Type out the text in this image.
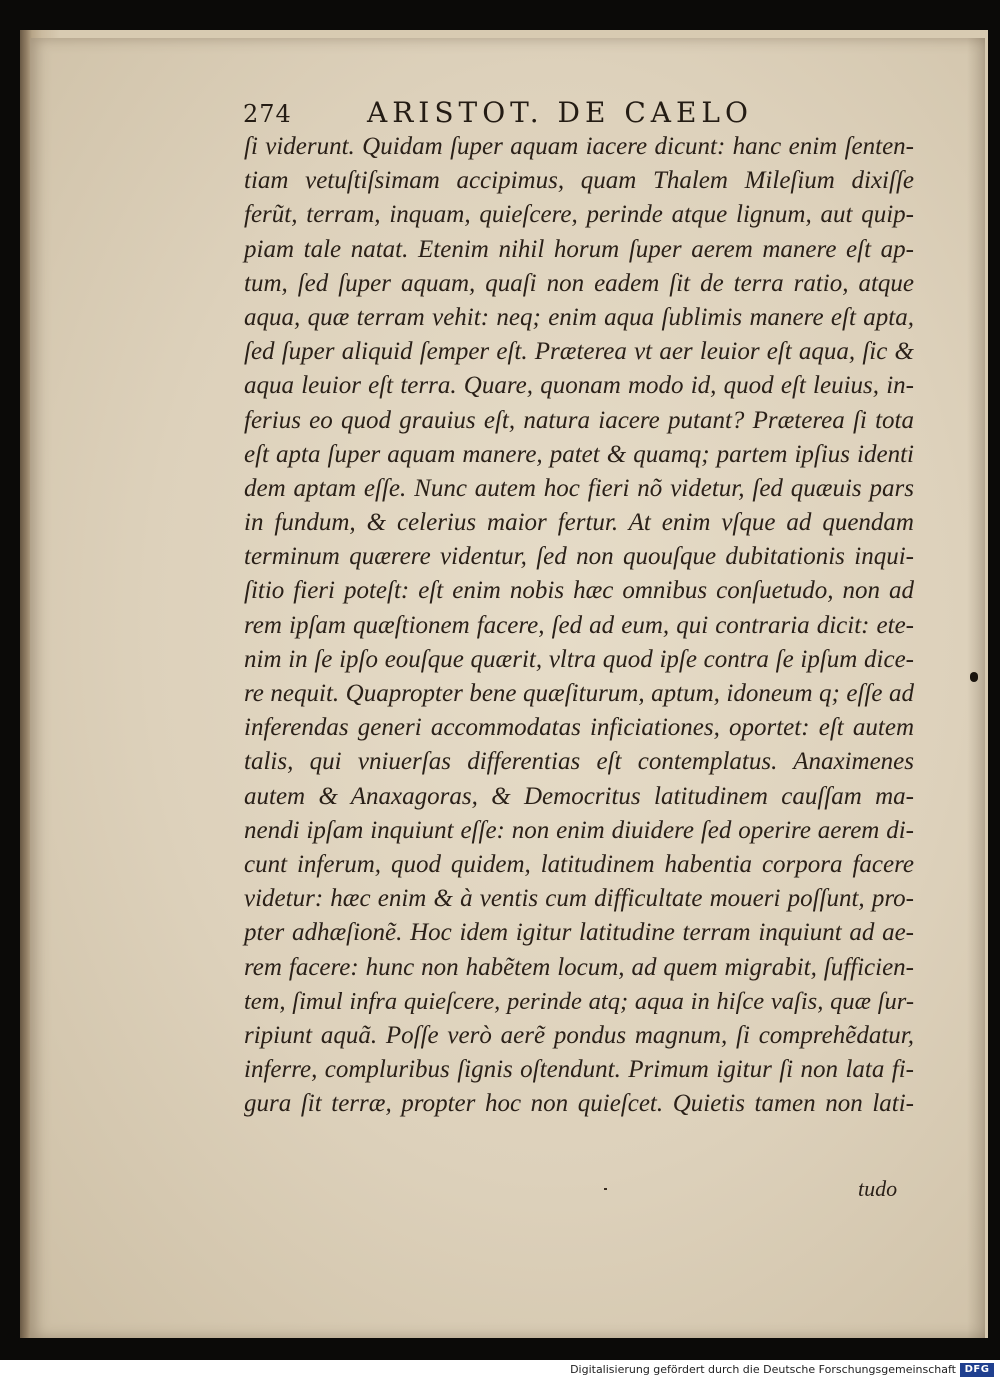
274	ARISTOT. DE CAELO
ſi viderunt. Quidam ſuper aquam iacere dicunt: hanc enim ſenten-
tiam vetuſtiſsimam accipimus, quam Thalem Mileſium dixiſſe
ferũt, terram, inquam, quieſcere, perinde atque lignum, aut quip-
piam tale natat. Etenim nihil horum ſuper aerem manere eſt ap-
tum, ſed ſuper aquam, quaſi non eadem ſit de terra ratio, atque
aqua, quæ terram vehit: neq; enim aqua ſublimis manere eſt apta,
ſed ſuper aliquid ſemper eſt. Præterea vt aer leuior eſt aqua, ſic &
aqua leuior eſt terra. Quare, quonam modo id, quod eſt leuius, in-
ferius eo quod grauius eſt, natura iacere putant? Præterea ſi tota
eſt apta ſuper aquam manere, patet & quamq; partem ipſius identi
dem aptam eſſe. Nunc autem hoc fieri nõ videtur, ſed quæuis pars
in fundum, & celerius maior fertur. At enim vſque ad quendam
terminum quærere videntur, ſed non quouſque dubitationis inqui-
ſitio fieri poteſt: eſt enim nobis hæc omnibus conſuetudo, non ad
rem ipſam quæſtionem facere, ſed ad eum, qui contraria dicit: ete-
nim in ſe ipſo eouſque quærit, vltra quod ipſe contra ſe ipſum dice-
re nequit. Quapropter bene quæſiturum, aptum, idoneum q; eſſe ad
inferendas generi accommodatas inficiationes, oportet: eſt autem
talis, qui vniuerſas differentias eſt contemplatus. Anaximenes
autem & Anaxagoras, & Democritus latitudinem cauſſam ma-
nendi ipſam inquiunt eſſe: non enim diuidere ſed operire aerem di-
cunt inferum, quod quidem, latitudinem habentia corpora facere
videtur: hæc enim & à ventis cum difficultate moueri poſſunt, pro-
pter adhæſionẽ. Hoc idem igitur latitudine terram inquiunt ad ae-
rem facere: hunc non habẽtem locum, ad quem migrabit, ſufficien-
tem, ſimul infra quieſcere, perinde atq; aqua in hiſce vaſis, quæ ſur-
ripiunt aquã. Poſſe verò aerẽ pondus magnum, ſi comprehẽdatur,
inferre, compluribus ſignis oſtendunt. Primum igitur ſi non lata fi-
gura ſit terræ, propter hoc non quieſcet. Quietis tamen non lati-
tudo
Digitalisierung gefördert durch die Deutsche Forschungsgemeinschaft DFG
